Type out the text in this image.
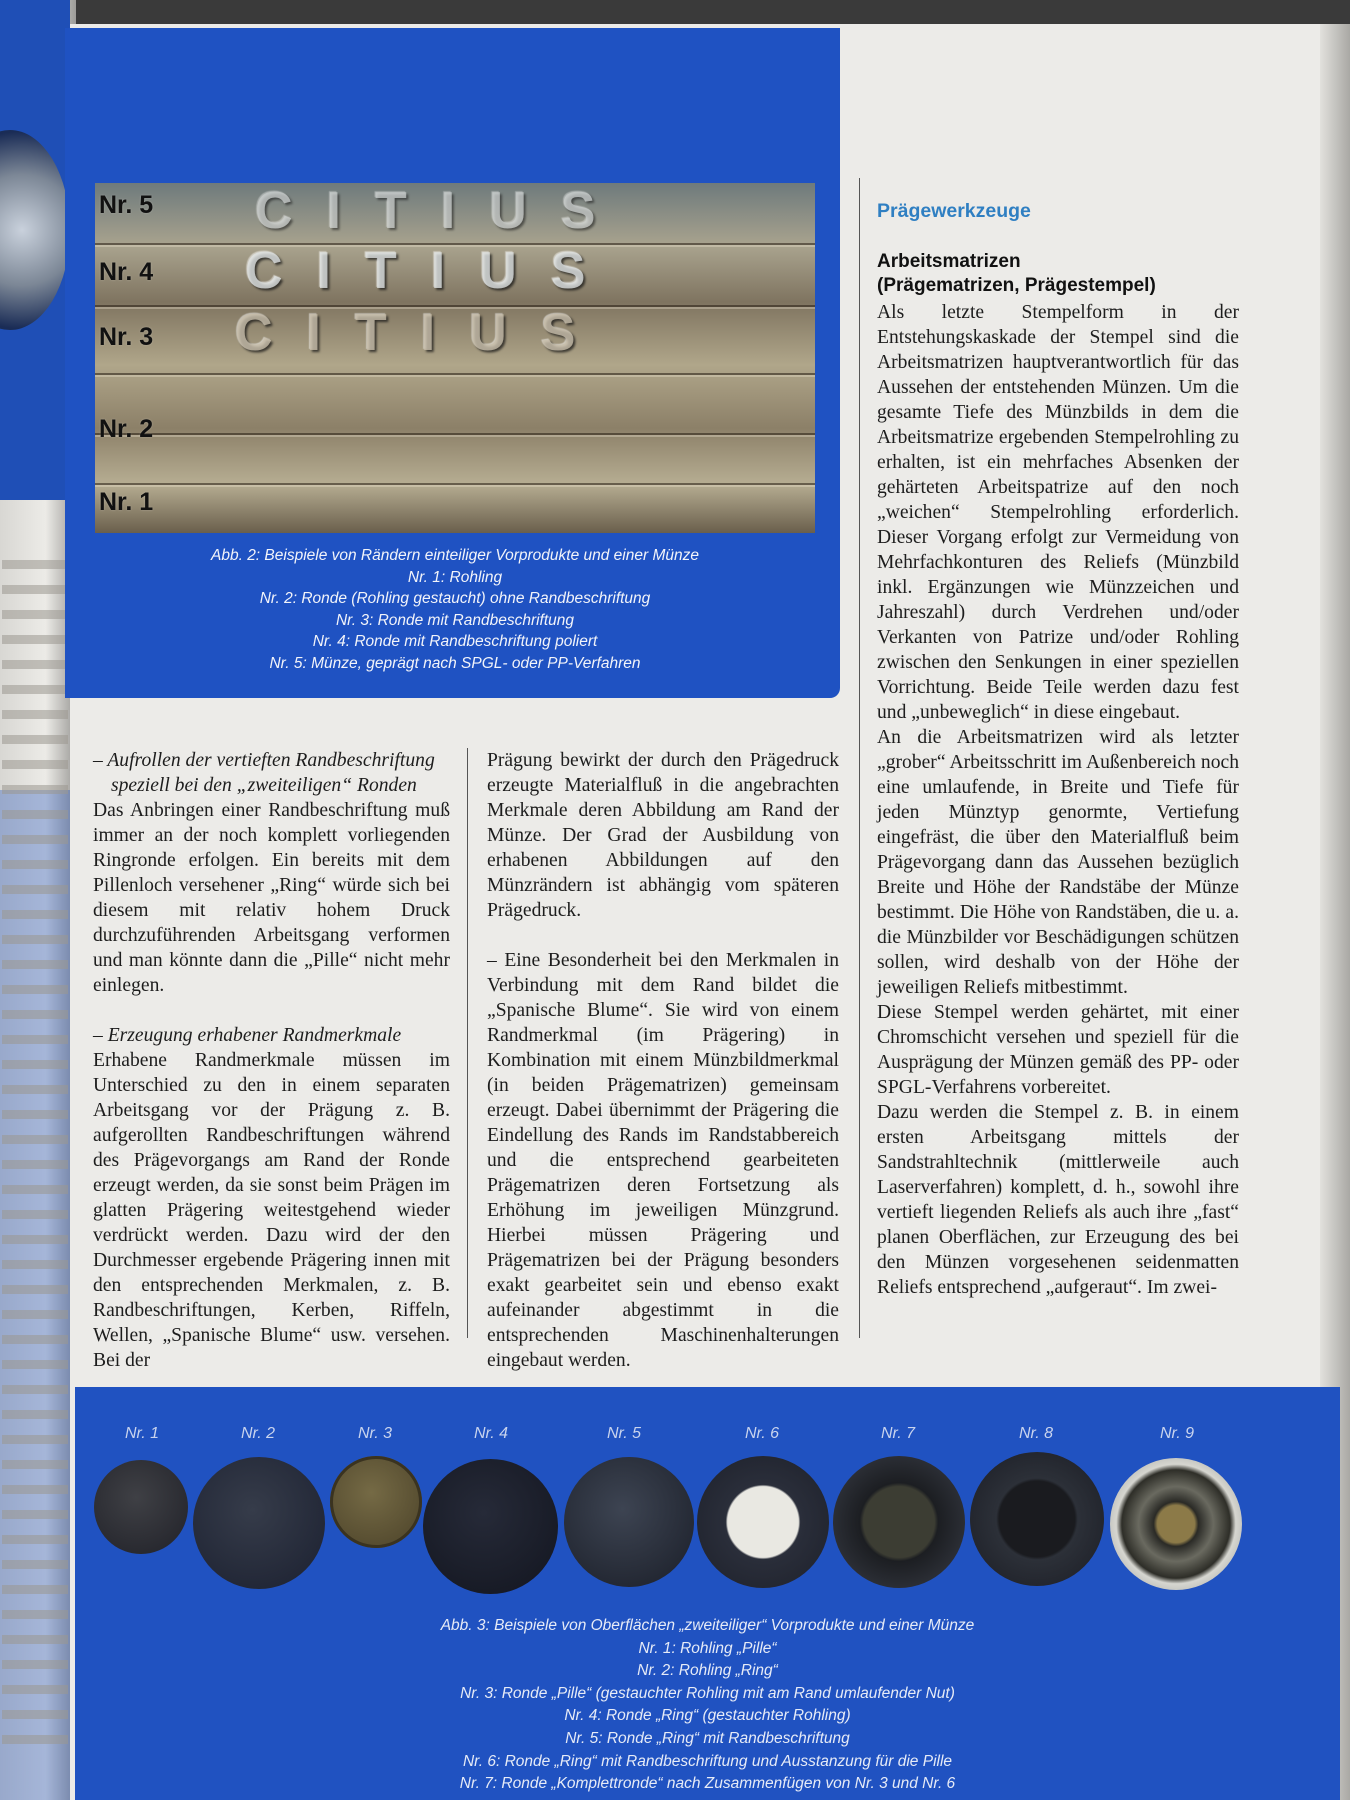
CITIUS
CITIUS
CITIUS
Nr. 5
Nr. 4
Nr. 3
Nr. 2
Nr. 1
Abb. 2: Beispiele von Rändern einteiliger Vorprodukte und einer Münze
Nr. 1: Rohling
Nr. 2: Ronde (Rohling gestaucht) ohne Randbeschriftung
Nr. 3: Ronde mit Randbeschriftung
Nr. 4: Ronde mit Randbeschriftung poliert
Nr. 5: Münze, geprägt nach SPGL- oder PP-Verfahren

– Aufrollen der vertieften Randbeschriftung

speziell bei den „zweiteiligen“ Ronden

Das Anbringen einer Randbeschriftung muß immer an der noch komplett vorliegenden Ringronde erfolgen. Ein bereits mit dem Pillenloch versehener „Ring“ würde sich bei diesem mit relativ hohem Druck durchzuführenden Arbeitsgang verformen und man könnte dann die „Pille“ nicht mehr einlegen.

– Erzeugung erhabener Randmerkmale

Erhabene Randmerkmale müssen im Unterschied zu den in einem separaten Arbeitsgang vor der Prägung z. B. aufgerollten Randbeschriftungen während des Prägevorgangs am Rand der Ronde erzeugt werden, da sie sonst beim Prägen im glatten Prägering weitestgehend wieder verdrückt werden. Dazu wird der den Durchmesser ergebende Prägering innen mit den entsprechenden Merkmalen, z. B. Randbeschriftungen, Kerben, Riffeln, Wellen, „Spanische Blume“ usw. versehen. Bei der

Prägung bewirkt der durch den Prägedruck erzeugte Materialfluß in die angebrachten Merkmale deren Abbildung am Rand der Münze. Der Grad der Ausbildung von erhabenen Abbildungen auf den Münzrändern ist abhängig vom späteren Prägedruck.

– Eine Besonderheit bei den Merkmalen in Verbindung mit dem Rand bildet die „Spanische Blume“. Sie wird von einem Randmerkmal (im Prägering) in Kombination mit einem Münzbildmerkmal (in beiden Prägematrizen) gemeinsam erzeugt. Dabei übernimmt der Prägering die Eindellung des Rands im Randstabbereich und die entsprechend gearbeiteten Prägematrizen deren Fortsetzung als Erhöhung im jeweiligen Münzgrund. Hierbei müssen Prägering und Prägematrizen bei der Prägung besonders exakt gearbeitet sein und ebenso exakt aufeinander abgestimmt in die entsprechenden Maschinenhalterungen eingebaut werden.

Prägewerkzeuge
Arbeitsmatrizen
(Prägematrizen, Prägestempel)

Als letzte Stempelform in der Entstehungskaskade der Stempel sind die Arbeitsmatrizen hauptverantwortlich für das Aussehen der entstehenden Münzen. Um die gesamte Tiefe des Münzbilds in dem die Arbeitsmatrize ergebenden Stempelrohling zu erhalten, ist ein mehrfaches Absenken der gehärteten Arbeitspatrize auf den noch „weichen“ Stempelrohling erforderlich. Dieser Vorgang erfolgt zur Vermeidung von Mehrfachkonturen des Reliefs (Münzbild inkl. Ergänzungen wie Münzzeichen und Jahreszahl) durch Verdrehen und/oder Verkanten von Patrize und/oder Rohling zwischen den Senkungen in einer speziellen Vorrichtung. Beide Teile werden dazu fest und „unbeweglich“ in diese eingebaut.

An die Arbeitsmatrizen wird als letzter „grober“ Arbeitsschritt im Außenbereich noch eine umlaufende, in Breite und Tiefe für jeden Münztyp genormte, Vertiefung eingefräst, die über den Materialfluß beim Prägevorgang dann das Aussehen bezüglich Breite und Höhe der Randstäbe der Münze bestimmt. Die Höhe von Randstäben, die u. a. die Münzbilder vor Beschädigungen schützen sollen, wird deshalb von der Höhe der jeweiligen Reliefs mitbestimmt.

Diese Stempel werden gehärtet, mit einer Chromschicht versehen und speziell für die Ausprägung der Münzen gemäß des PP- oder SPGL-Verfahrens vorbereitet.

Dazu werden die Stempel z. B. in einem ersten Arbeitsgang mittels der Sandstrahltechnik (mittlerweile auch Laserverfahren) komplett, d. h., sowohl ihre vertieft liegenden Reliefs als auch ihre „fast“ planen Oberflächen, zur Erzeugung des bei den Münzen vorgesehenen seidenmatten Reliefs entsprechend „aufgeraut“. Im zwei-

Nr. 1	Nr. 2	Nr. 3	Nr. 4	Nr. 5	Nr. 6	Nr. 7	Nr. 8	Nr. 9
Abb. 3: Beispiele von Oberflächen „zweiteiliger“ Vorprodukte und einer Münze
Nr. 1: Rohling „Pille“
Nr. 2: Rohling „Ring“
Nr. 3: Ronde „Pille“ (gestauchter Rohling mit am Rand umlaufender Nut)
Nr. 4: Ronde „Ring“ (gestauchter Rohling)
Nr. 5: Ronde „Ring“ mit Randbeschriftung
Nr. 6: Ronde „Ring“ mit Randbeschriftung und Ausstanzung für die Pille
Nr. 7: Ronde „Komplettronde“ nach Zusammenfügen von Nr. 3 und Nr. 6
